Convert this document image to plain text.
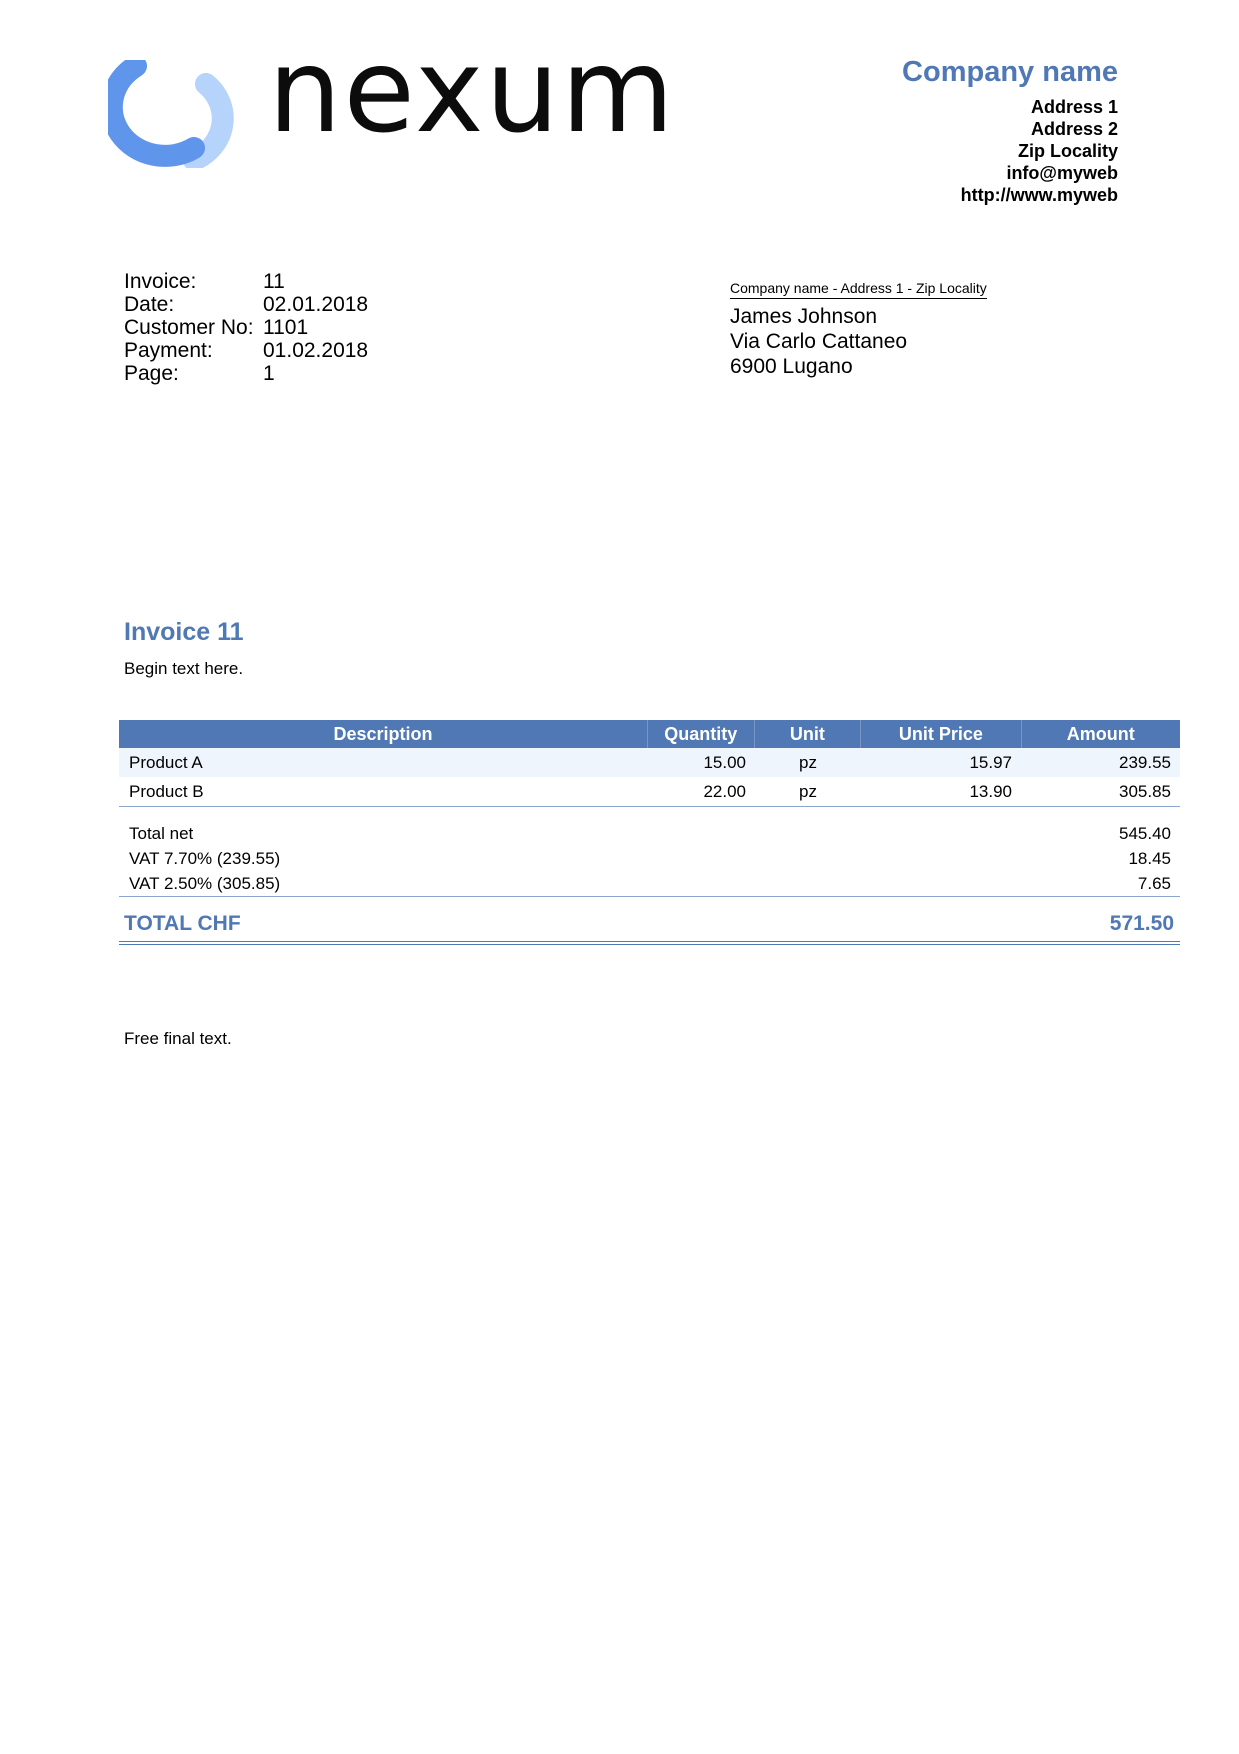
nexum	Company name
Address 1
Address 2
Zip Locality
info@myweb
http://www.myweb
Invoice:	11
Date:	02.01.2018
Customer No: 1101
Payment:	01.02.2018
Page:	1
Company name - Address 1 - Zip Locality
James Johnson
Via Carlo Cattaneo
6900 Lugano
Invoice 11
Begin text here.
Description	Quantity	Unit	Unit Price	Amount
Product A	15.00	pz	15.97	239.55
Product B	22.00	pz	13.90	305.85
Total net	545.40
VAT 7.70% (239.55)	18.45
VAT 2.50% (305.85)	7.65
TOTAL CHF	571.50
Free final text.
